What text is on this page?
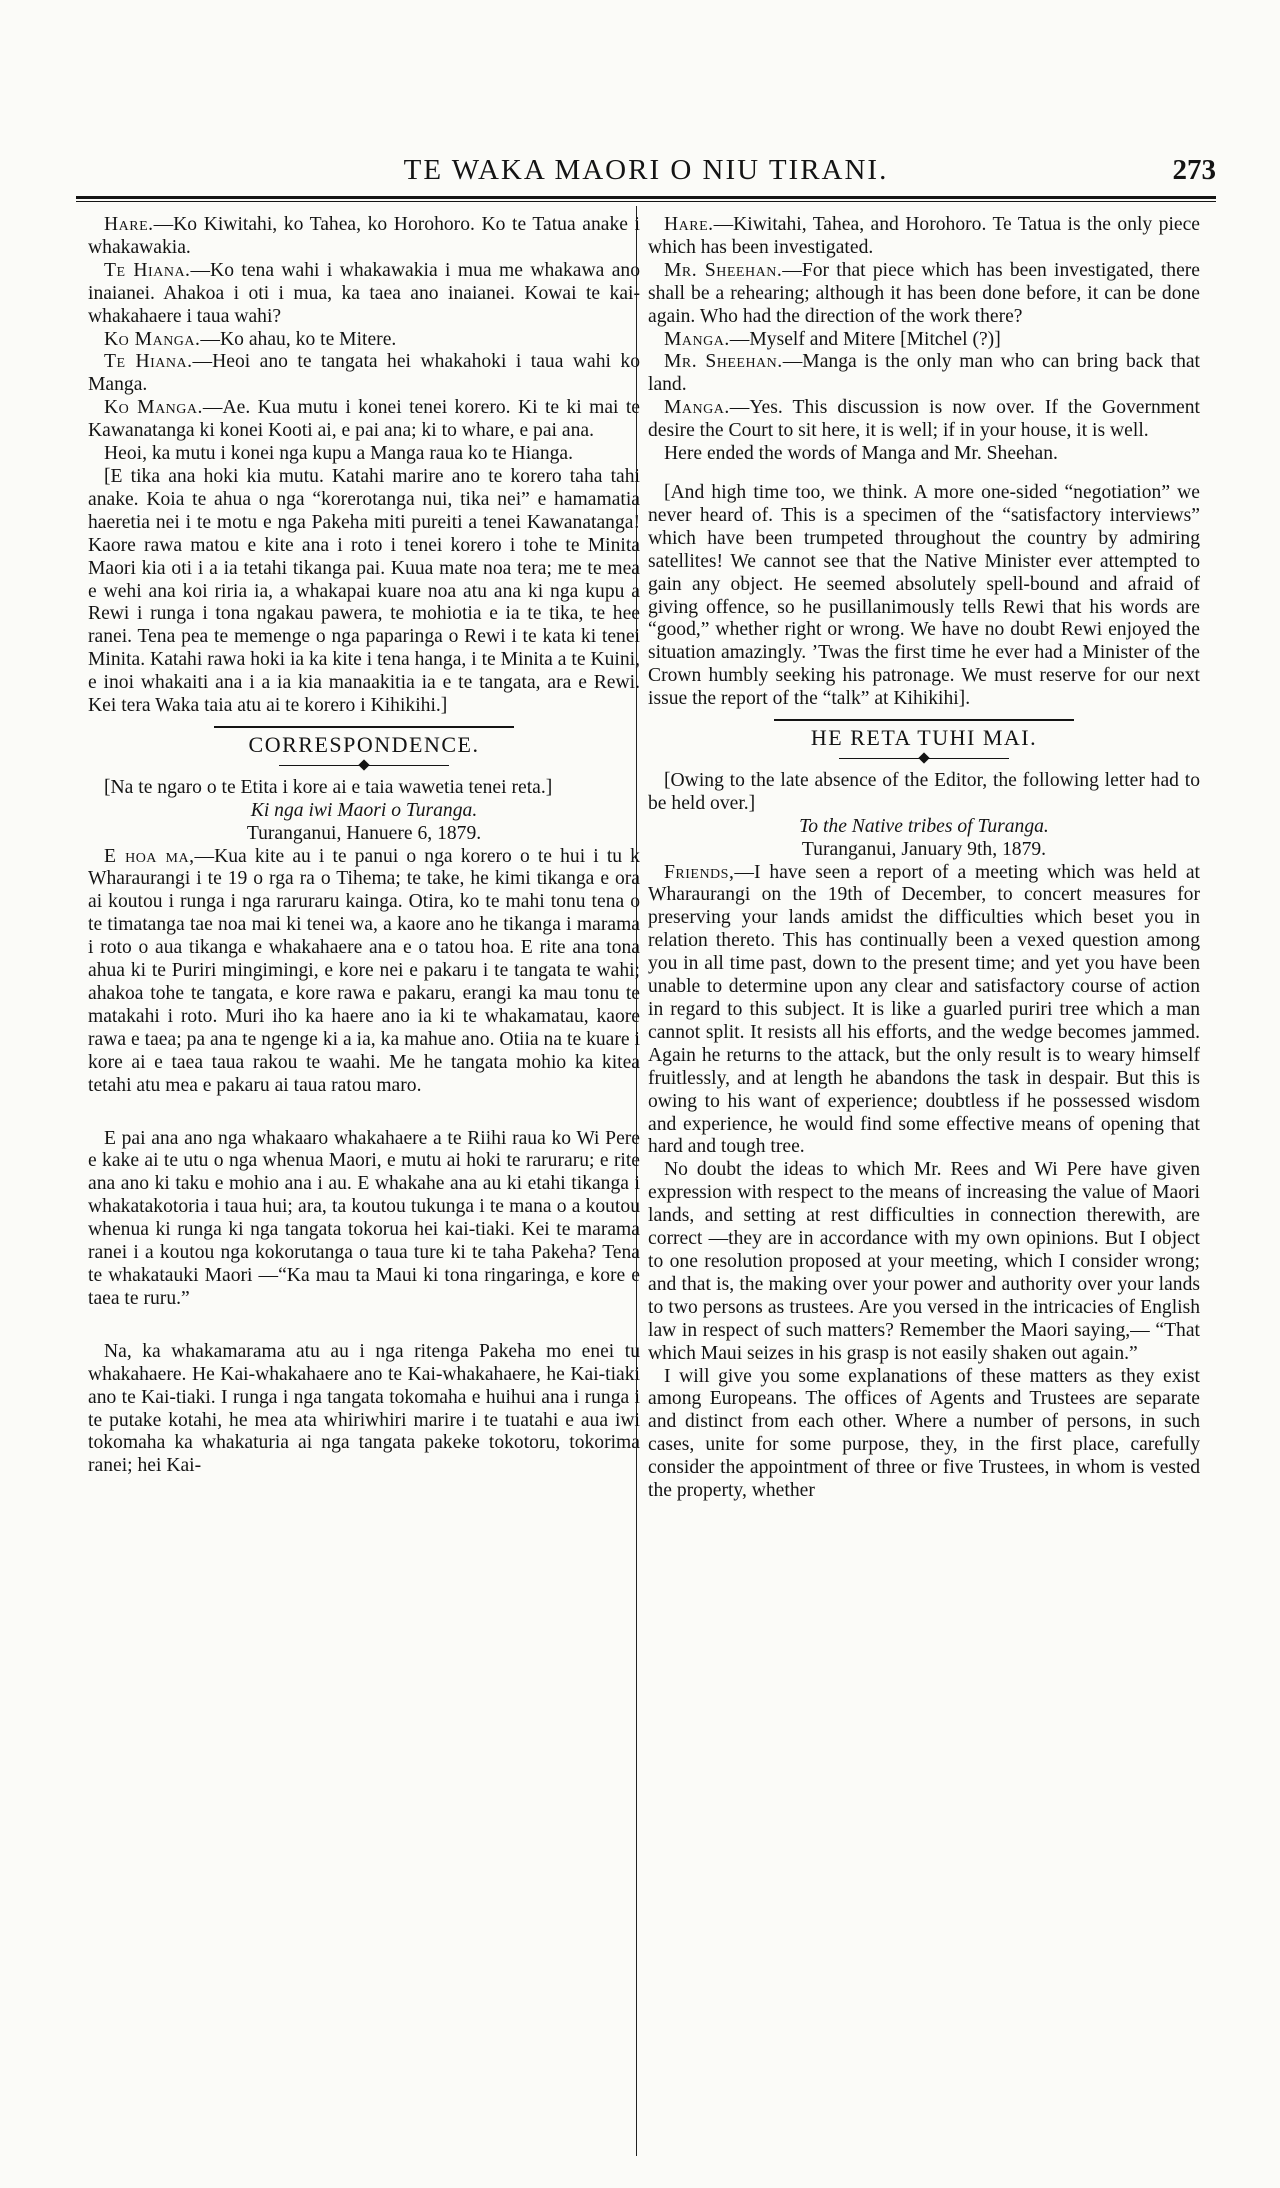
TE WAKA MAORI O NIU TIRANI.	273

Hare.—Ko Kiwitahi, ko Tahea, ko Horohoro. Ko te Tatua anake i whakawakia.

Te Hiana.—Ko tena wahi i whakawakia i mua me whakawa ano inaianei. Ahakoa i oti i mua, ka taea ano inaianei. Kowai te kai-whakahaere i taua wahi?

Ko Manga.—Ko ahau, ko te Mitere.

Te Hiana.—Heoi ano te tangata hei whakahoki i taua wahi ko Manga.

Ko Manga.—Ae. Kua mutu i konei tenei korero. Ki te ki mai te Kawanatanga ki konei Kooti ai, e pai ana; ki to whare, e pai ana.

Heoi, ka mutu i konei nga kupu a Manga raua ko te Hianga.

[E tika ana hoki kia mutu. Katahi marire ano te korero taha tahi anake. Koia te ahua o nga “korerotanga nui, tika nei” e hamamatia haeretia nei i te motu e nga Pakeha miti pureiti a tenei Kawanatanga! Kaore rawa matou e kite ana i roto i tenei korero i tohe te Minita Maori kia oti i a ia tetahi tikanga pai. Kuua mate noa tera; me te mea e wehi ana koi riria ia, a whakapai kuare noa atu ana ki nga kupu a Rewi i runga i tona ngakau pawera, te mohiotia e ia te tika, te hee ranei. Tena pea te memenge o nga paparinga o Rewi i te kata ki tenei Minita. Katahi rawa hoki ia ka kite i tena hanga, i te Minita a te Kuini, e inoi whakaiti ana i a ia kia manaakitia ia e te tangata, ara e Rewi. Kei tera Waka taia atu ai te korero i Kihikihi.]

CORRESPONDENCE.

[Na te ngaro o te Etita i kore ai e taia wawetia tenei reta.]

Ki nga iwi Maori o Turanga.

Turanganui, Hanuere 6, 1879.

E hoa ma,—Kua kite au i te panui o nga korero o te hui i tu k Wharaurangi i te 19 o rga ra o Tihema; te take, he kimi tikanga e ora ai koutou i runga i nga raruraru kainga. Otira, ko te mahi tonu tena o te timatanga tae noa mai ki tenei wa, a kaore ano he tikanga i marama i roto o aua tikanga e whakahaere ana e o tatou hoa. E rite ana tona ahua ki te Puriri mingimingi, e kore nei e pakaru i te tangata te wahi; ahakoa tohe te tangata, e kore rawa e pakaru, erangi ka mau tonu te matakahi i roto. Muri iho ka haere ano ia ki te whakamatau, kaore rawa e taea; pa ana te ngenge ki a ia, ka mahue ano. Otiia na te kuare i kore ai e taea taua rakou te waahi. Me he tangata mohio ka kitea tetahi atu mea e pakaru ai taua ratou maro.

E pai ana ano nga whakaaro whakahaere a te Riihi raua ko Wi Pere e kake ai te utu o nga whenua Maori, e mutu ai hoki te raruraru; e rite ana ano ki taku e mohio ana i au. E whakahe ana au ki etahi tikanga i whakatakotoria i taua hui; ara, ta koutou tukunga i te mana o a koutou whenua ki runga ki nga tangata tokorua hei kai-tiaki. Kei te marama ranei i a koutou nga kokorutanga o taua ture ki te taha Pakeha? Tena te whakatauki Maori —“Ka mau ta Maui ki tona ringaringa, e kore e taea te ruru.”

Na, ka whakamarama atu au i nga ritenga Pakeha mo enei tu whakahaere. He Kai-whakahaere ano te Kai-whakahaere, he Kai-tiaki ano te Kai-tiaki. I runga i nga tangata tokomaha e huihui ana i runga i te putake kotahi, he mea ata whiriwhiri marire i te tuatahi e aua iwi tokomaha ka whakaturia ai nga tangata pakeke tokotoru, tokorima ranei; hei Kai-

Hare.—Kiwitahi, Tahea, and Horohoro. Te Tatua is the only piece which has been investigated.

Mr. Sheehan.—For that piece which has been investigated, there shall be a rehearing; although it has been done before, it can be done again. Who had the direction of the work there?

Manga.—Myself and Mitere [Mitchel (?)]

Mr. Sheehan.—Manga is the only man who can bring back that land.

Manga.—Yes. This discussion is now over. If the Government desire the Court to sit here, it is well; if in your house, it is well.

Here ended the words of Manga and Mr. Sheehan.

[And high time too, we think. A more one-sided “negotiation” we never heard of. This is a specimen of the “satisfactory interviews” which have been trumpeted throughout the country by admiring satellites! We cannot see that the Native Minister ever attempted to gain any object. He seemed absolutely spell-bound and afraid of giving offence, so he pusillanimously tells Rewi that his words are “good,” whether right or wrong. We have no doubt Rewi enjoyed the situation amazingly. ’Twas the first time he ever had a Minister of the Crown humbly seeking his patronage. We must reserve for our next issue the report of the “talk” at Kihikihi].

HE RETA TUHI MAI.

[Owing to the late absence of the Editor, the following letter had to be held over.]

To the Native tribes of Turanga.

Turanganui, January 9th, 1879.

Friends,—I have seen a report of a meeting which was held at Wharaurangi on the 19th of December, to concert measures for preserving your lands amidst the difficulties which beset you in relation thereto. This has continually been a vexed question among you in all time past, down to the present time; and yet you have been unable to determine upon any clear and satisfactory course of action in regard to this subject. It is like a guarled puriri tree which a man cannot split. It resists all his efforts, and the wedge becomes jammed. Again he returns to the attack, but the only result is to weary himself fruitlessly, and at length he abandons the task in despair. But this is owing to his want of experience; doubtless if he possessed wisdom and experience, he would find some effective means of opening that hard and tough tree.

No doubt the ideas to which Mr. Rees and Wi Pere have given expression with respect to the means of increasing the value of Maori lands, and setting at rest difficulties in connection therewith, are correct —they are in accordance with my own opinions. But I object to one resolution proposed at your meeting, which I consider wrong; and that is, the making over your power and authority over your lands to two persons as trustees. Are you versed in the intricacies of English law in respect of such matters? Remember the Maori saying,— “That which Maui seizes in his grasp is not easily shaken out again.”

I will give you some explanations of these matters as they exist among Europeans. The offices of Agents and Trustees are separate and distinct from each other. Where a number of persons, in such cases, unite for some purpose, they, in the first place, carefully consider the appointment of three or five Trustees, in whom is vested the property, whether
